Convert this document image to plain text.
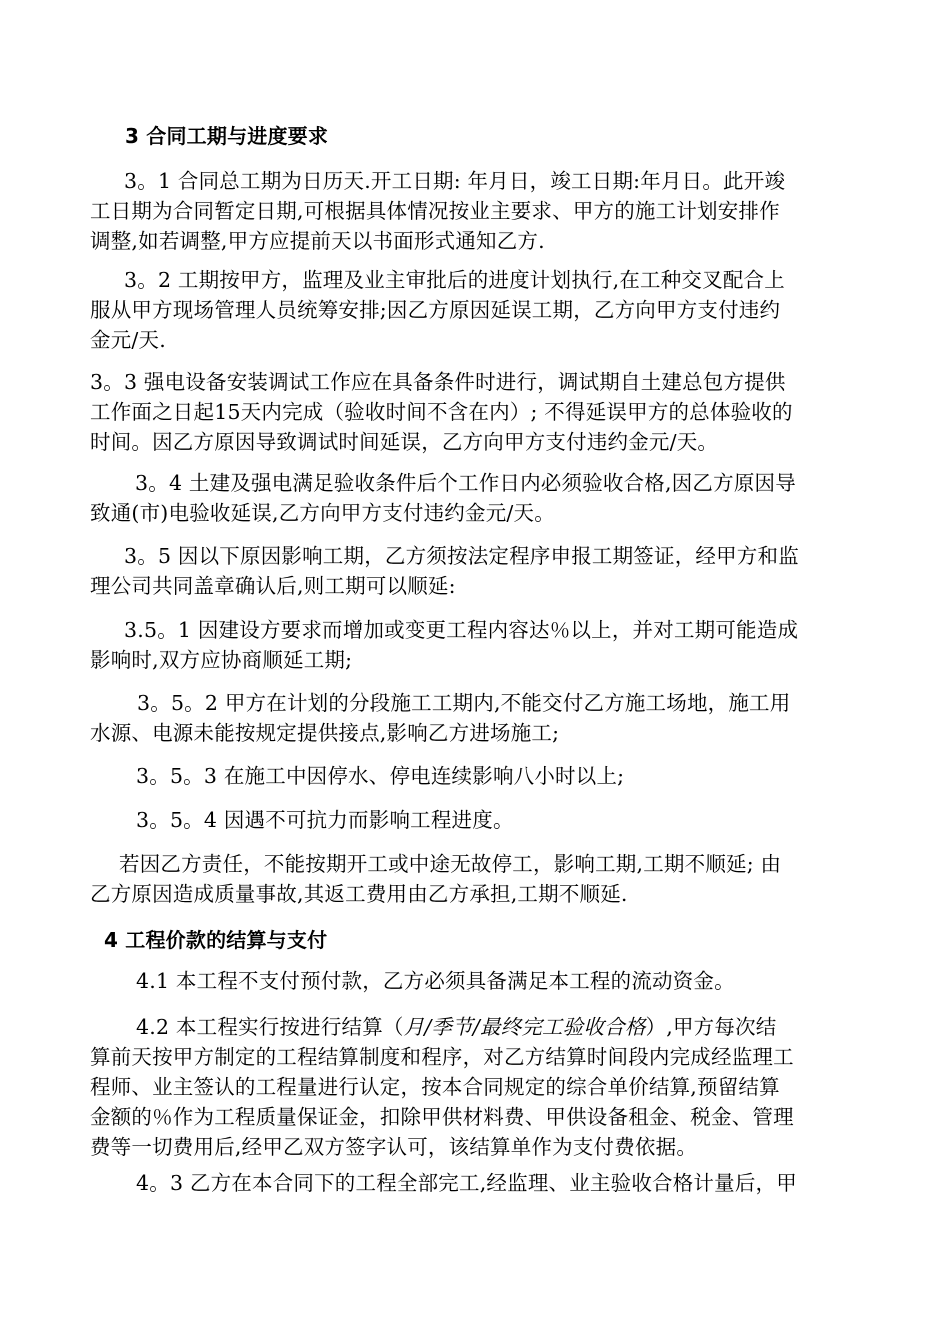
3 合同工期与进度要求
3。1 合同总工期为日历天.开工日期: 年月日，竣工日期:年月日。此开竣
工日期为合同暂定日期,可根据具体情况按业主要求、甲方的施工计划安排作
调整,如若调整,甲方应提前天以书面形式通知乙方.
3。2 工期按甲方，监理及业主审批后的进度计划执行,在工种交叉配合上
服从甲方现场管理人员统筹安排;因乙方原因延误工期，乙方向甲方支付违约
金元/天.
3。3 强电设备安装调试工作应在具备条件时进行，调试期自土建总包方提供
工作面之日起15天内完成（验收时间不含在内）; 不得延误甲方的总体验收的
时间。因乙方原因导致调试时间延误，乙方向甲方支付违约金元/天。
3。4 土建及强电满足验收条件后个工作日内必须验收合格,因乙方原因导
致通(市)电验收延误,乙方向甲方支付违约金元/天。
3。5 因以下原因影响工期，乙方须按法定程序申报工期签证，经甲方和监
理公司共同盖章确认后,则工期可以顺延:
3.5。1 因建设方要求而增加或变更工程内容达％以上，并对工期可能造成
影响时,双方应协商顺延工期;
3。5。2 甲方在计划的分段施工工期内,不能交付乙方施工场地，施工用
水源、电源未能按规定提供接点,影响乙方进场施工;
3。5。3 在施工中因停水、停电连续影响八小时以上;
3。5。4 因遇不可抗力而影响工程进度。
若因乙方责任，不能按期开工或中途无故停工，影响工期,工期不顺延; 由
乙方原因造成质量事故,其返工费用由乙方承担,工期不顺延.
4 工程价款的结算与支付
4.1 本工程不支付预付款，乙方必须具备满足本工程的流动资金。
4.2 本工程实行按进行结算（月/季节/最终完工验收合格）,甲方每次结
算前天按甲方制定的工程结算制度和程序，对乙方结算时间段内完成经监理工
程师、业主签认的工程量进行认定，按本合同规定的综合单价结算,预留结算
金额的％作为工程质量保证金，扣除甲供材料费、甲供设备租金、税金、管理
费等一切费用后,经甲乙双方签字认可，该结算单作为支付费依据。
4。3 乙方在本合同下的工程全部完工,经监理、业主验收合格计量后，甲
